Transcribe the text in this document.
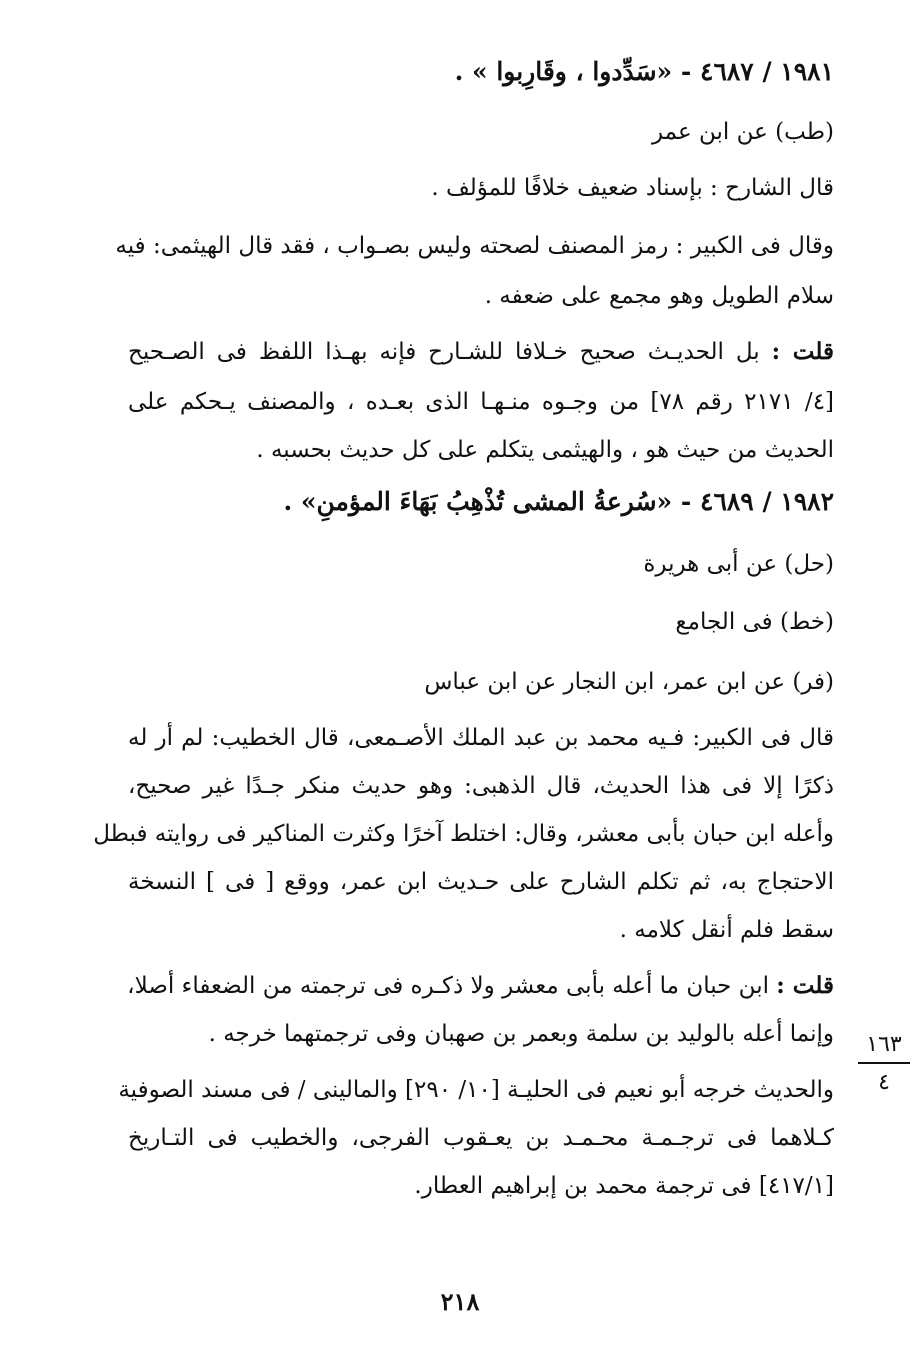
١٩٨١ / ٤٦٨٧ - «سَدِّدوا ، وقَارِبوا » .
(طب) عن ابن عمر
قال الشارح : بإسناد ضعيف خلافًا للمؤلف .
وقال فى الكبير : رمز المصنف لصحته وليس بصـواب ، فقد قال الهيثمى: فيه
سلام الطويل وهو مجمع على ضعفه .
قلت : بل الحديـث صحيح خـلافا للشـارح فإنه بهـذا اللفظ فى الصـحيح
[٤/ ٢١٧١ رقم ٧٨] من وجـوه منـهـا الذى بعـده ، والمصنف يـحكم على
الحديث من حيث هو ، والهيثمى يتكلم على كل حديث بحسبه .
١٩٨٢ / ٤٦٨٩ - «سُرعةُ المشى تُذْهِبُ بَهَاءَ المؤمنِ» .
(حل) عن أبى هريرة
(خط) فى الجامع
(فر) عن ابن عمر، ابن النجار عن ابن عباس
قال فى الكبير: فـيه محمد بن عبد الملك الأصـمعى، قال الخطيب: لم أر له
ذكرًا إلا فى هذا الحديث، قال الذهبى: وهو حديث منكر جـدًا غير صحيح،
وأعله ابن حبان بأبى معشر، وقال: اختلط آخرًا وكثرت المناكير فى روايته فبطل
الاحتجاج به، ثم تكلم الشارح على حـديث ابن عمر، ووقع [ فى ] النسخة
سقط فلم أنقل كلامه .
قلت : ابن حبان ما أعله بأبى معشر ولا ذكـره فى ترجمته من الضعفاء أصلا،
وإنما أعله بالوليد بن سلمة وبعمر بن صهبان وفى ترجمتهما خرجه .
والحديث خرجه أبو نعيم فى الحليـة [١٠/ ٢٩٠] والمالينى / فى مسند الصوفية
كـلاهما فى ترجـمـة محـمـد بن يعـقوب الفرجى، والخطيب فى التـاريخ
[٤١٧/١] فى ترجمة محمد بن إبراهيم العطار.
١٦٣
٤
٢١٨
